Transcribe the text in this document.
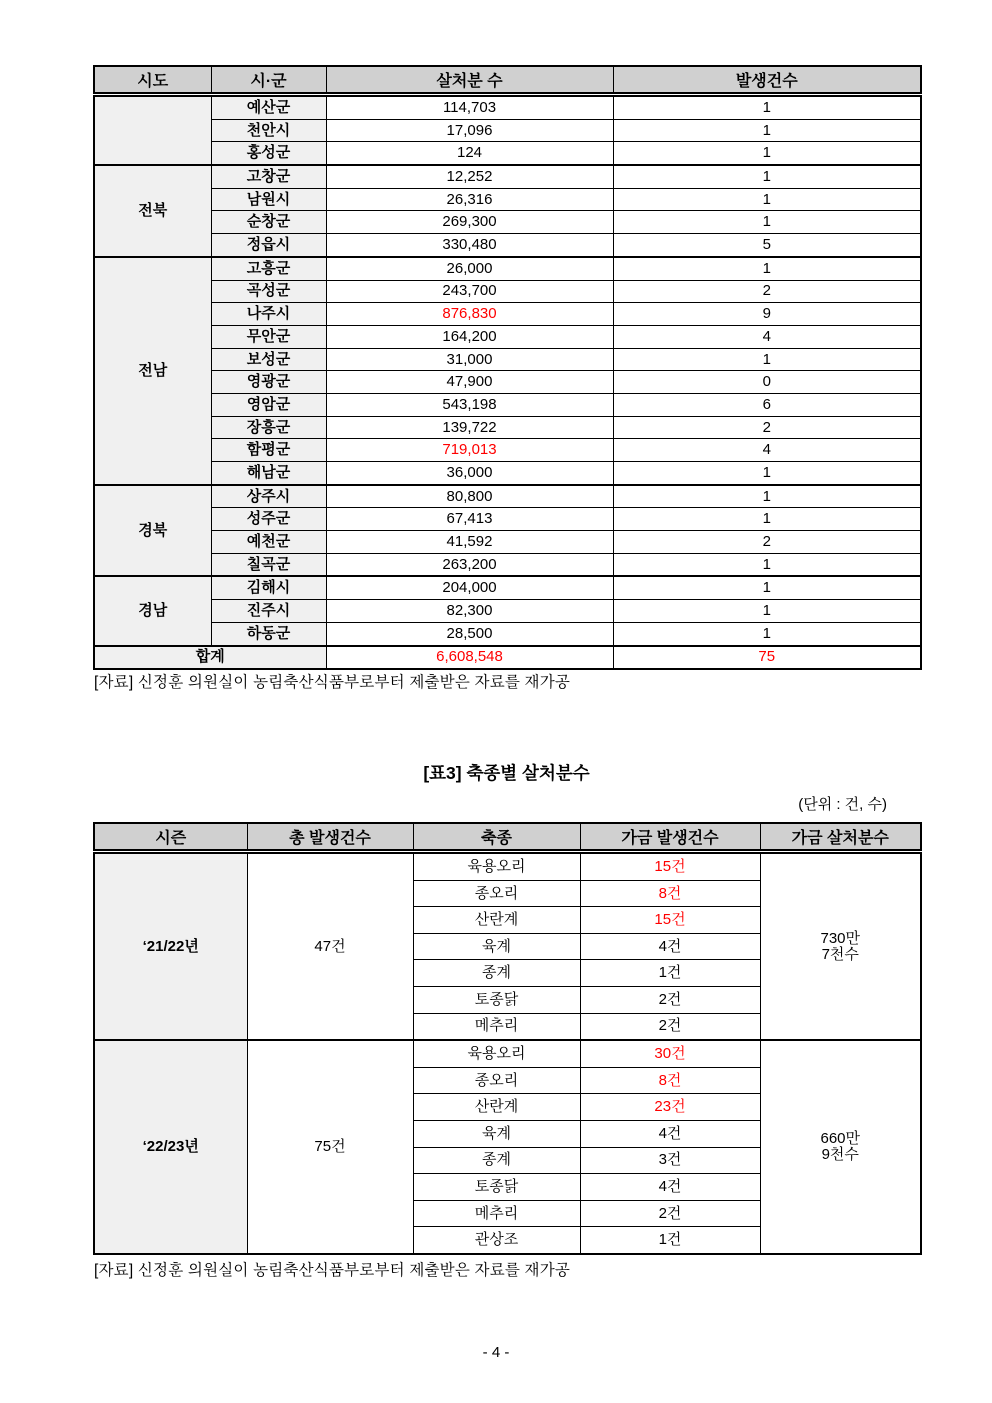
시도	시·군	살처분 수	발생건수
	예산군	114,703	1
	천안시	17,096	1
	홍성군	124	1
전북	고창군	12,252	1
	남원시	26,316	1
	순창군	269,300	1
	정읍시	330,480	5
전남	고흥군	26,000	1
	곡성군	243,700	2
	나주시	876,830	9
	무안군	164,200	4
	보성군	31,000	1
	영광군	47,900	0
	영암군	543,198	6
	장흥군	139,722	2
	함평군	719,013	4
	해남군	36,000	1
경북	상주시	80,800	1
	성주군	67,413	1
	예천군	41,592	2
	칠곡군	263,200	1
경남	김해시	204,000	1
	진주시	82,300	1
	하동군	28,500	1
합계		6,608,548	75
[자료] 신정훈 의원실이 농림축산식품부로부터 제출받은 자료를 재가공
[표3] 축종별 살처분수
(단위 : 건, 수)
시즌	총 발생건수	축종	가금 발생건수	가금 살처분수
‘21/22년	47건	육용오리	15건	730만
7천수

		종오리	8건	
		산란계	15건	
		육계	4건	
		종계	1건	
		토종닭	2건	
		메추리	2건	
‘22/23년	75건	육용오리	30건	660만
9천수

		종오리	8건	
		산란계	23건	
		육계	4건	
		종계	3건	
		토종닭	4건	
		메추리	2건	
		관상조	1건	
[자료] 신정훈 의원실이 농림축산식품부로부터 제출받은 자료를 재가공
- 4 -
